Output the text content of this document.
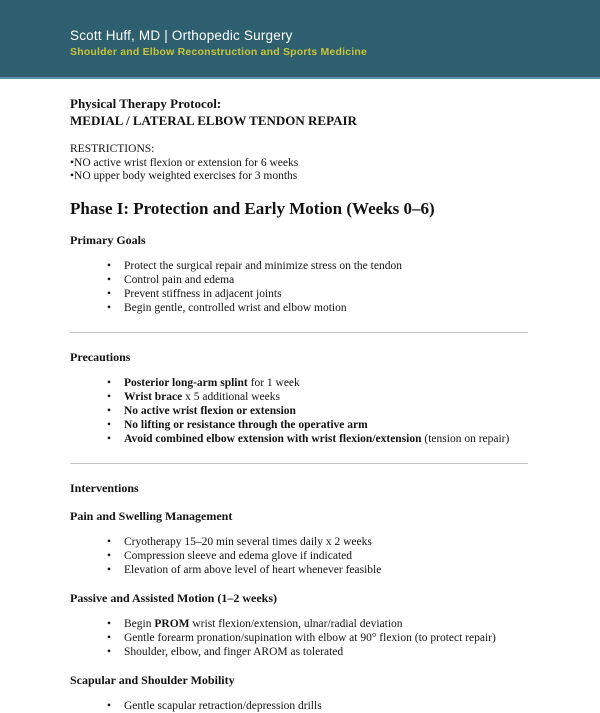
Scott Huff, MD | Orthopedic Surgery
Shoulder and Elbow Reconstruction and Sports Medicine
Physical Therapy Protocol:
MEDIAL / LATERAL ELBOW TENDON REPAIR
RESTRICTIONS:
• NO active wrist flexion or extension for 6 weeks
• NO upper body weighted exercises for 3 months
Phase I: Protection and Early Motion (Weeks 0–6)
Primary Goals
• Protect the surgical repair and minimize stress on the tendon
• Control pain and edema
• Prevent stiffness in adjacent joints
• Begin gentle, controlled wrist and elbow motion
Precautions
• Posterior long-arm splint for 1 week
• Wrist brace x 5 additional weeks
• No active wrist flexion or extension
• No lifting or resistance through the operative arm
• Avoid combined elbow extension with wrist flexion/extension (tension on repair)
Interventions
Pain and Swelling Management
• Cryotherapy 15–20 min several times daily x 2 weeks
• Compression sleeve and edema glove if indicated
• Elevation of arm above level of heart whenever feasible
Passive and Assisted Motion (1–2 weeks)
• Begin PROM wrist flexion/extension, ulnar/radial deviation
• Gentle forearm pronation/supination with elbow at 90° flexion (to protect repair)
• Shoulder, elbow, and finger AROM as tolerated
Scapular and Shoulder Mobility
• Gentle scapular retraction/depression drills
